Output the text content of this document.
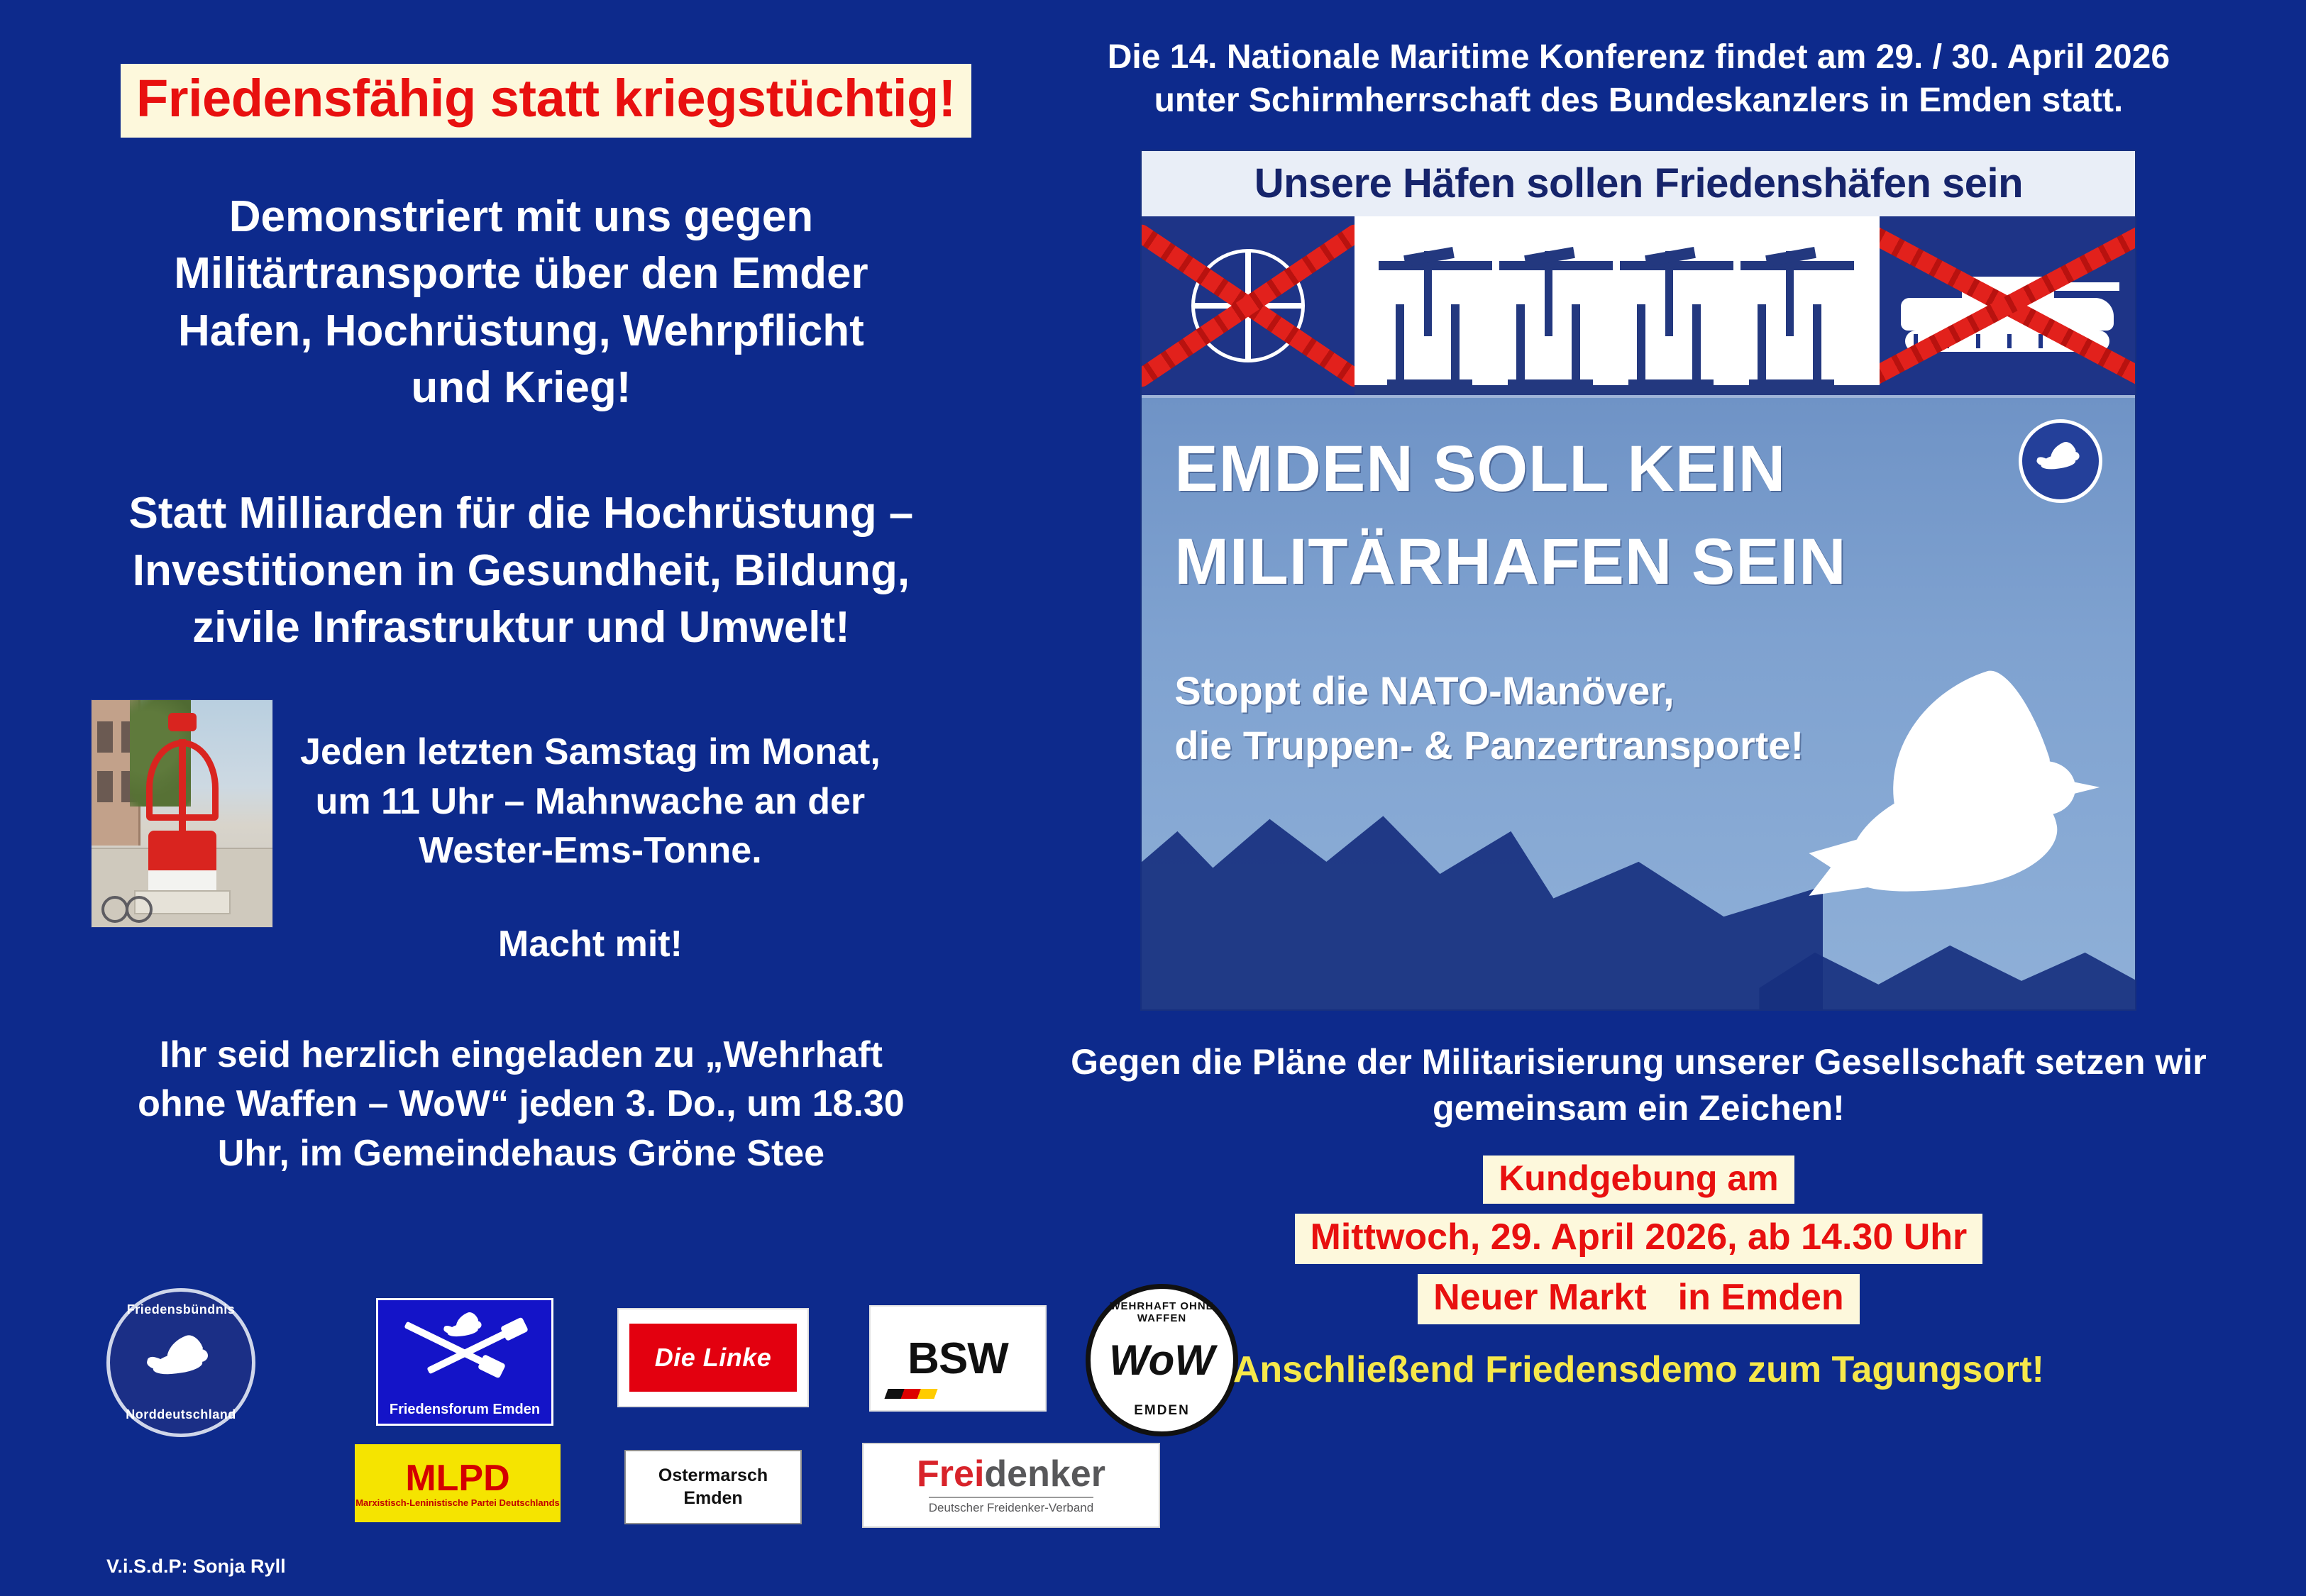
Friedensfähig statt kriegstüchtig!
Demonstriert mit uns gegen Militärtransporte über den Emder Hafen, Hochrüstung, Wehrpflicht und Krieg!
Statt Milliarden für die Hochrüstung – Investitionen in Gesundheit, Bildung, zivile Infrastruktur und Umwelt!
Jeden letzten Samstag im Monat,
um 11 Uhr – Mahnwache an der
Wester-Ems-Tonne.
Macht mit!
Ihr seid herzlich eingeladen zu „Wehrhaft ohne Waffen – WoW“ jeden 3. Do., um 18.30 Uhr, im Gemeindehaus Gröne Stee
Friedensbündnis
Norddeutschland	Friedensforum Emden
Die Linke	BSW
WEHRHAFT OHNE WAFFEN
WoW
EMDEN
MLPD
Marxistisch-Leninistische Partei Deutschlands
Ostermarsch
Emden
Freidenker
Deutscher Freidenker-Verband
V.i.S.d.P: Sonja Ryll
Die 14. Nationale Maritime Konferenz findet am 29. / 30. April 2026 unter Schirmherrschaft des Bundeskanzlers in Emden statt.
Unsere Häfen sollen Friedenshäfen sein
EMDEN SOLL KEIN
MILITÄRHAFEN SEIN
Stoppt die NATO-Manöver,
die Truppen- & Panzertransporte!
Gegen die Pläne der Militarisierung unserer Gesellschaft setzen wir gemeinsam ein Zeichen!
Kundgebung am
Mittwoch, 29. April 2026, ab 14.30 Uhr
Neuer Markt in Emden
Anschließend Friedensdemo zum Tagungsort!
